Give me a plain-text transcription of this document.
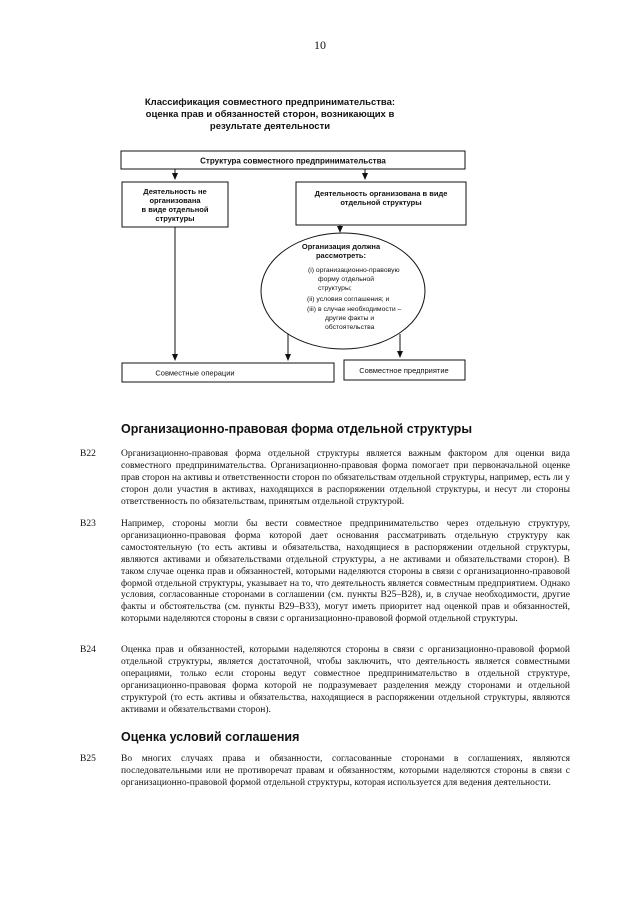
10
Классификация совместного предпринимательства: оценка прав и обязанностей сторон, возникающих в результате деятельности
Структура совместного предпринимательства
Деятельность не
организована
в виде отдельной
структуры
Деятельность организована в виде
отдельной структуры
Организация должна
рассмотреть:
(i) организационно-правовую
форму отдельной
структуры;
(ii) условия соглашения; и
(iii) в случае необходимости –
другие факты и
обстоятельства
Совместные операции	Совместное предприятие
Организационно-правовая форма отдельной структуры
B22	Организационно-правовая форма отдельной структуры является важным фактором для оценки вида совместного предпринимательства. Организационно-правовая форма помогает при первоначальной оценке прав сторон на активы и ответственности сторон по обязательствам отдельной структуры, например, есть ли у сторон доли участия в активах, находящихся в распоряжении отдельной структуры, и несут ли стороны ответственность по обязательствам, принятым отдельной структурой.
B23	Например, стороны могли бы вести совместное предпринимательство через отдельную структуру, организационно-правовая форма которой дает основания рассматривать отдельную структуру как самостоятельную (то есть активы и обязательства, находящиеся в распоряжении отдельной структуры, являются активами и обязательствами отдельной структуры, а не активами и обязательствами сторон). В таком случае оценка прав и обязанностей, которыми наделяются стороны в связи с организационно-правовой формой отдельной структуры, указывает на то, что деятельность является совместным предприятием. Однако условия, согласованные сторонами в соглашении (см. пункты B25–B28), и, в случае необходимости, другие факты и обстоятельства (см. пункты B29–B33), могут иметь приоритет над оценкой прав и обязанностей, которыми наделяются стороны в связи с организационно-правовой формой отдельной структуры.
B24	Оценка прав и обязанностей, которыми наделяются стороны в связи с организационно-правовой формой отдельной структуры, является достаточной, чтобы заключить, что деятельность является совместными операциями, только если стороны ведут совместное предпринимательство в отдельной структуре, организационно-правовая форма которой не подразумевает разделения между сторонами и отдельной структурой (то есть активы и обязательства, находящиеся в распоряжении отдельной структуры, являются активами и обязательствами сторон).
Оценка условий соглашения
B25	Во многих случаях права и обязанности, согласованные сторонами в соглашениях, являются последовательными или не противоречат правам и обязанностям, которыми наделяются стороны в связи с организационно-правовой формой отдельной структуры, которая используется для ведения деятельности.
